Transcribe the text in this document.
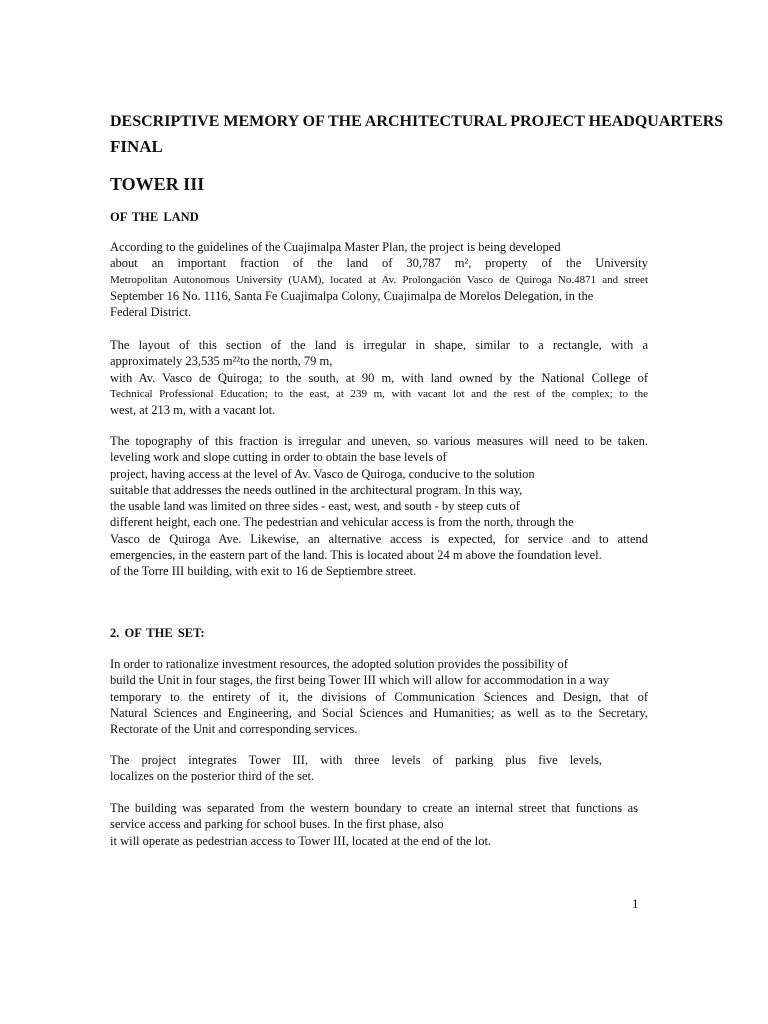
DESCRIPTIVE MEMORY OF THE ARCHITECTURAL PROJECT HEADQUARTERS
FINAL
TOWER III
OF THE LAND

According to the guidelines of the Cuajimalpa Master Plan, the project is being developed
about an important fraction of the land of 30,787 m², property of the University
Metropolitan Autonomous University (UAM), located at Av. Prolongación Vasco de Quiroga No.4871 and street
September 16 No. 1116, Santa Fe Cuajimalpa Colony, Cuajimalpa de Morelos Delegation, in the
Federal District.

The layout of this section of the land is irregular in shape, similar to a rectangle, with a
approximately 23,535 m²²to the north, 79 m,
with Av. Vasco de Quiroga; to the south, at 90 m, with land owned by the National College of
Technical Professional Education; to the east, at 239 m, with vacant lot and the rest of the complex; to the
west, at 213 m, with a vacant lot.

The topography of this fraction is irregular and uneven, so various measures will need to be taken.
leveling work and slope cutting in order to obtain the base levels of
project, having access at the level of Av. Vasco de Quiroga, conducive to the solution
suitable that addresses the needs outlined in the architectural program. In this way,
the usable land was limited on three sides - east, west, and south - by steep cuts of
different height, each one. The pedestrian and vehicular access is from the north, through the
Vasco de Quiroga Ave. Likewise, an alternative access is expected, for service and to attend
emergencies, in the eastern part of the land. This is located about 24 m above the foundation level.
of the Torre III building, with exit to 16 de Septiembre street.

2. OF THE SET:

In order to rationalize investment resources, the adopted solution provides the possibility of
build the Unit in four stages, the first being Tower III which will allow for accommodation in a way
temporary to the entirety of it, the divisions of Communication Sciences and Design, that of
Natural Sciences and Engineering, and Social Sciences and Humanities; as well as to the Secretary,
Rectorate of the Unit and corresponding services.

The project integrates Tower III, with three levels of parking plus five levels,
localizes on the posterior third of the set.

The building was separated from the western boundary to create an internal street that functions as
service access and parking for school buses. In the first phase, also
it will operate as pedestrian access to Tower III, located at the end of the lot.

1
